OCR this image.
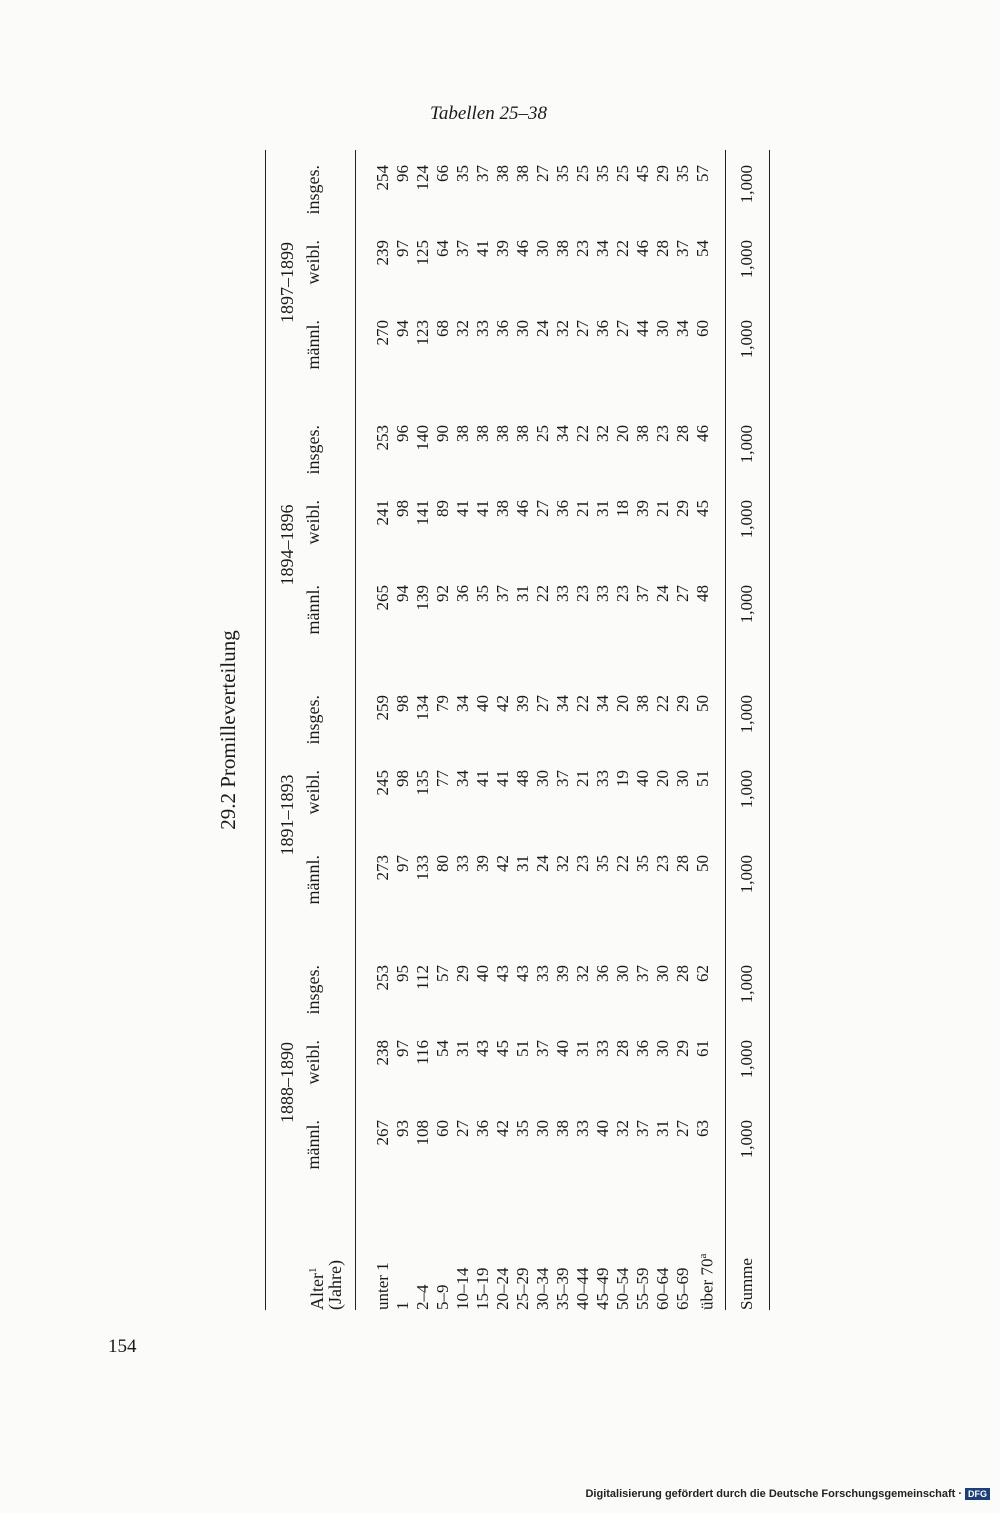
Tabellen 25–38
154
29.2 Promilleverteilung
Alter$^1$ (Jahre)
1888–1890
1891–1893
1894–1896
1897–1899
männl.
weibl.
insges.
männl.
weibl.
insges.
männl.
weibl.
insges.
männl.
weibl.
insges.
unter 1
267
238
253
273
245
259
265
241
253
270
239
254
1
93
97
95
97
98
98
94
98
96
94
97
96
2–4
108
116
112
133
135
134
139
141
140
123
125
124
5–9
60
54
57
80
77
79
92
89
90
68
64
66
10–14
27
31
29
33
34
34
36
41
38
32
37
35
15–19
36
43
40
39
41
40
35
41
38
33
41
37
20–24
42
45
43
42
41
42
37
38
38
36
39
38
25–29
35
51
43
31
48
39
31
46
38
30
46
38
30–34
30
37
33
24
30
27
22
27
25
24
30
27
35–39
38
40
39
32
37
34
33
36
34
32
38
35
40–44
33
31
32
23
21
22
23
21
22
27
23
25
45–49
40
33
36
35
33
34
33
31
32
36
34
35
50–54
32
28
30
22
19
20
23
18
20
27
22
25
55–59
37
36
37
35
40
38
37
39
38
44
46
45
60–64
31
30
30
23
20
22
24
21
23
30
28
29
65–69
27
29
28
28
30
29
27
29
28
34
37
35
über 70$^a$
63
61
62
50
51
50
48
45
46
60
54
57
Summe
1,000
1,000
1,000
1,000
1,000
1,000
1,000
1,000
1,000
1,000
1,000
1,000
Digitalisierung gefördert durch die Deutsche Forschungsgemeinschaft · DFG
